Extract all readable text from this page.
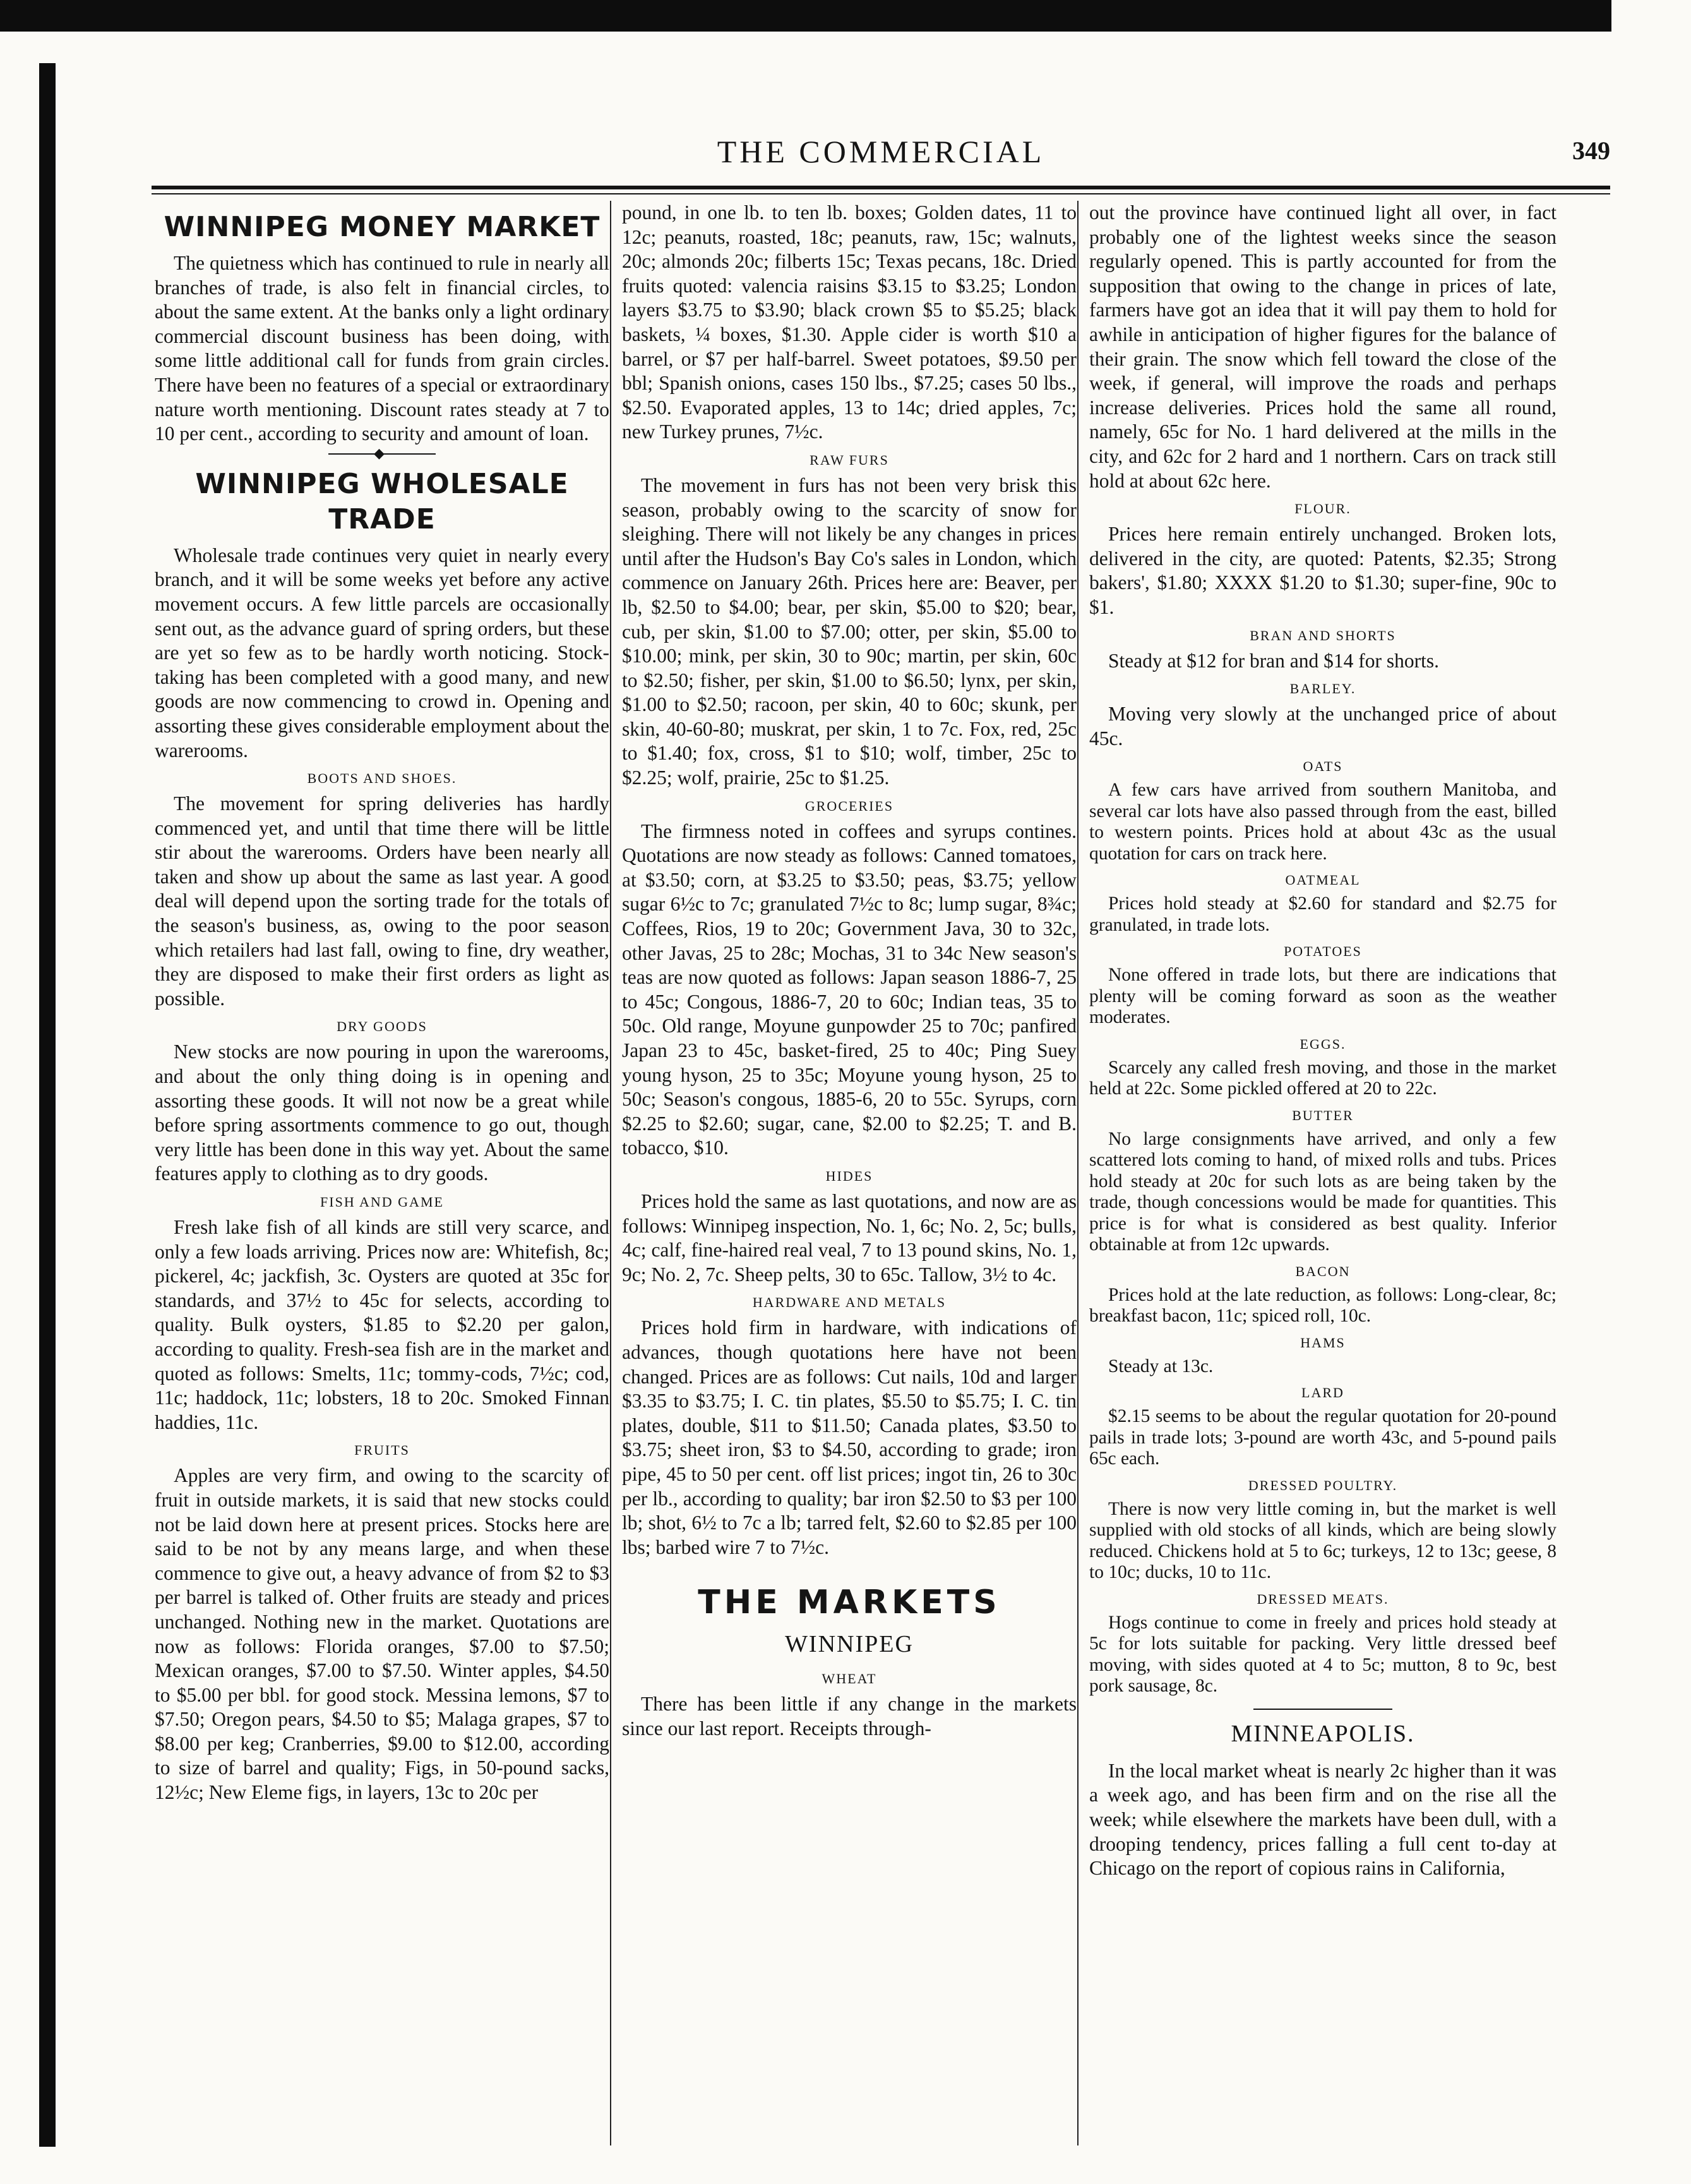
THE COMMERCIAL	349
WINNIPEG MONEY MARKET

The quietness which has continued to rule in nearly all branches of trade, is also felt in financial circles, to about the same extent. At the banks only a light ordinary commercial discount business has been doing, with some little additional call for funds from grain circles. There have been no features of a special or extraordinary nature worth mentioning. Discount rates steady at 7 to 10 per cent., according to security and amount of loan.

◆
WINNIPEG WHOLESALE TRADE

Wholesale trade continues very quiet in nearly every branch, and it will be some weeks yet before any active movement occurs. A few little parcels are occasionally sent out, as the advance guard of spring orders, but these are yet so few as to be hardly worth noticing. Stock-taking has been completed with a good many, and new goods are now commencing to crowd in. Opening and assorting these gives considerable employment about the warerooms.

BOOTS AND SHOES.

The movement for spring deliveries has hardly commenced yet, and until that time there will be little stir about the warerooms. Orders have been nearly all taken and show up about the same as last year. A good deal will depend upon the sorting trade for the totals of the season's business, as, owing to the poor season which retailers had last fall, owing to fine, dry weather, they are disposed to make their first orders as light as possible.

DRY GOODS

New stocks are now pouring in upon the warerooms, and about the only thing doing is in opening and assorting these goods. It will not now be a great while before spring assortments commence to go out, though very little has been done in this way yet. About the same features apply to clothing as to dry goods.

FISH AND GAME

Fresh lake fish of all kinds are still very scarce, and only a few loads arriving. Prices now are: Whitefish, 8c; pickerel, 4c; jackfish, 3c. Oysters are quoted at 35c for standards, and 37½ to 45c for selects, according to quality. Bulk oysters, $1.85 to $2.20 per galon, according to quality. Fresh-sea fish are in the market and quoted as follows: Smelts, 11c; tommy-cods, 7½c; cod, 11c; haddock, 11c; lobsters, 18 to 20c. Smoked Finnan haddies, 11c.

FRUITS

Apples are very firm, and owing to the scarcity of fruit in outside markets, it is said that new stocks could not be laid down here at present prices. Stocks here are said to be not by any means large, and when these commence to give out, a heavy advance of from $2 to $3 per barrel is talked of. Other fruits are steady and prices unchanged. Nothing new in the market. Quotations are now as follows: Florida oranges, $7.00 to $7.50; Mexican oranges, $7.00 to $7.50. Winter apples, $4.50 to $5.00 per bbl. for good stock. Messina lemons, $7 to $7.50; Oregon pears, $4.50 to $5; Malaga grapes, $7 to $8.00 per keg; Cranberries, $9.00 to $12.00, according to size of barrel and quality; Figs, in 50-pound sacks, 12½c; New Eleme figs, in layers, 13c to 20c per

pound, in one lb. to ten lb. boxes; Golden dates, 11 to 12c; peanuts, roasted, 18c; peanuts, raw, 15c; walnuts, 20c; almonds 20c; filberts 15c; Texas pecans, 18c. Dried fruits quoted: valencia raisins $3.15 to $3.25; London layers $3.75 to $3.90; black crown $5 to $5.25; black baskets, ¼ boxes, $1.30. Apple cider is worth $10 a barrel, or $7 per half-barrel. Sweet potatoes, $9.50 per bbl; Spanish onions, cases 150 lbs., $7.25; cases 50 lbs., $2.50. Evaporated apples, 13 to 14c; dried apples, 7c; new Turkey prunes, 7½c.

RAW FURS

The movement in furs has not been very brisk this season, probably owing to the scarcity of snow for sleighing. There will not likely be any changes in prices until after the Hudson's Bay Co's sales in London, which commence on January 26th. Prices here are: Beaver, per lb, $2.50 to $4.00; bear, per skin, $5.00 to $20; bear, cub, per skin, $1.00 to $7.00; otter, per skin, $5.00 to $10.00; mink, per skin, 30 to 90c; martin, per skin, 60c to $2.50; fisher, per skin, $1.00 to $6.50; lynx, per skin, $1.00 to $2.50; racoon, per skin, 40 to 60c; skunk, per skin, 40-60-80; muskrat, per skin, 1 to 7c. Fox, red, 25c to $1.40; fox, cross, $1 to $10; wolf, timber, 25c to $2.25; wolf, prairie, 25c to $1.25.

GROCERIES

The firmness noted in coffees and syrups contines. Quotations are now steady as follows: Canned tomatoes, at $3.50; corn, at $3.25 to $3.50; peas, $3.75; yellow sugar 6½c to 7c; granulated 7½c to 8c; lump sugar, 8¾c; Coffees, Rios, 19 to 20c; Government Java, 30 to 32c, other Javas, 25 to 28c; Mochas, 31 to 34c New season's teas are now quoted as follows: Japan season 1886-7, 25 to 45c; Congous, 1886-7, 20 to 60c; Indian teas, 35 to 50c. Old range, Moyune gunpowder 25 to 70c; panfired Japan 23 to 45c, basket-fired, 25 to 40c; Ping Suey young hyson, 25 to 35c; Moyune young hyson, 25 to 50c; Season's congous, 1885-6, 20 to 55c. Syrups, corn $2.25 to $2.60; sugar, cane, $2.00 to $2.25; T. and B. tobacco, $10.

HIDES

Prices hold the same as last quotations, and now are as follows: Winnipeg inspection, No. 1, 6c; No. 2, 5c; bulls, 4c; calf, fine-haired real veal, 7 to 13 pound skins, No. 1, 9c; No. 2, 7c. Sheep pelts, 30 to 65c. Tallow, 3½ to 4c.

HARDWARE AND METALS

Prices hold firm in hardware, with indications of advances, though quotations here have not been changed. Prices are as follows: Cut nails, 10d and larger $3.35 to $3.75; I. C. tin plates, $5.50 to $5.75; I. C. tin plates, double, $11 to $11.50; Canada plates, $3.50 to $3.75; sheet iron, $3 to $4.50, according to grade; iron pipe, 45 to 50 per cent. off list prices; ingot tin, 26 to 30c per lb., according to quality; bar iron $2.50 to $3 per 100 lb; shot, 6½ to 7c a lb; tarred felt, $2.60 to $2.85 per 100 lbs; barbed wire 7 to 7½c.

THE MARKETS
WINNIPEG
WHEAT

There has been little if any change in the markets since our last report. Receipts through-

out the province have continued light all over, in fact probably one of the lightest weeks since the season regularly opened. This is partly accounted for from the supposition that owing to the change in prices of late, farmers have got an idea that it will pay them to hold for awhile in anticipation of higher figures for the balance of their grain. The snow which fell toward the close of the week, if general, will improve the roads and perhaps increase deliveries. Prices hold the same all round, namely, 65c for No. 1 hard delivered at the mills in the city, and 62c for 2 hard and 1 northern. Cars on track still hold at about 62c here.

FLOUR.

Prices here remain entirely unchanged. Broken lots, delivered in the city, are quoted: Patents, $2.35; Strong bakers', $1.80; XXXX $1.20 to $1.30; super-fine, 90c to $1.

BRAN AND SHORTS

Steady at $12 for bran and $14 for shorts.

BARLEY.

Moving very slowly at the unchanged price of about 45c.

OATS

A few cars have arrived from southern Manitoba, and several car lots have also passed through from the east, billed to western points. Prices hold at about 43c as the usual quotation for cars on track here.

OATMEAL

Prices hold steady at $2.60 for standard and $2.75 for granulated, in trade lots.

POTATOES

None offered in trade lots, but there are indications that plenty will be coming forward as soon as the weather moderates.

EGGS.

Scarcely any called fresh moving, and those in the market held at 22c. Some pickled offered at 20 to 22c.

BUTTER

No large consignments have arrived, and only a few scattered lots coming to hand, of mixed rolls and tubs. Prices hold steady at 20c for such lots as are being taken by the trade, though concessions would be made for quantities. This price is for what is considered as best quality. Inferior obtainable at from 12c upwards.

BACON

Prices hold at the late reduction, as follows: Long-clear, 8c; breakfast bacon, 11c; spiced roll, 10c.

HAMS

Steady at 13c.

LARD

$2.15 seems to be about the regular quotation for 20-pound pails in trade lots; 3-pound are worth 43c, and 5-pound pails 65c each.

DRESSED POULTRY.

There is now very little coming in, but the market is well supplied with old stocks of all kinds, which are being slowly reduced. Chickens hold at 5 to 6c; turkeys, 12 to 13c; geese, 8 to 10c; ducks, 10 to 11c.

DRESSED MEATS.

Hogs continue to come in freely and prices hold steady at 5c for lots suitable for packing. Very little dressed beef moving, with sides quoted at 4 to 5c; mutton, 8 to 9c, best pork sausage, 8c.

MINNEAPOLIS.

In the local market wheat is nearly 2c higher than it was a week ago, and has been firm and on the rise all the week; while elsewhere the markets have been dull, with a drooping tendency, prices falling a full cent to-day at Chicago on the report of copious rains in California,
